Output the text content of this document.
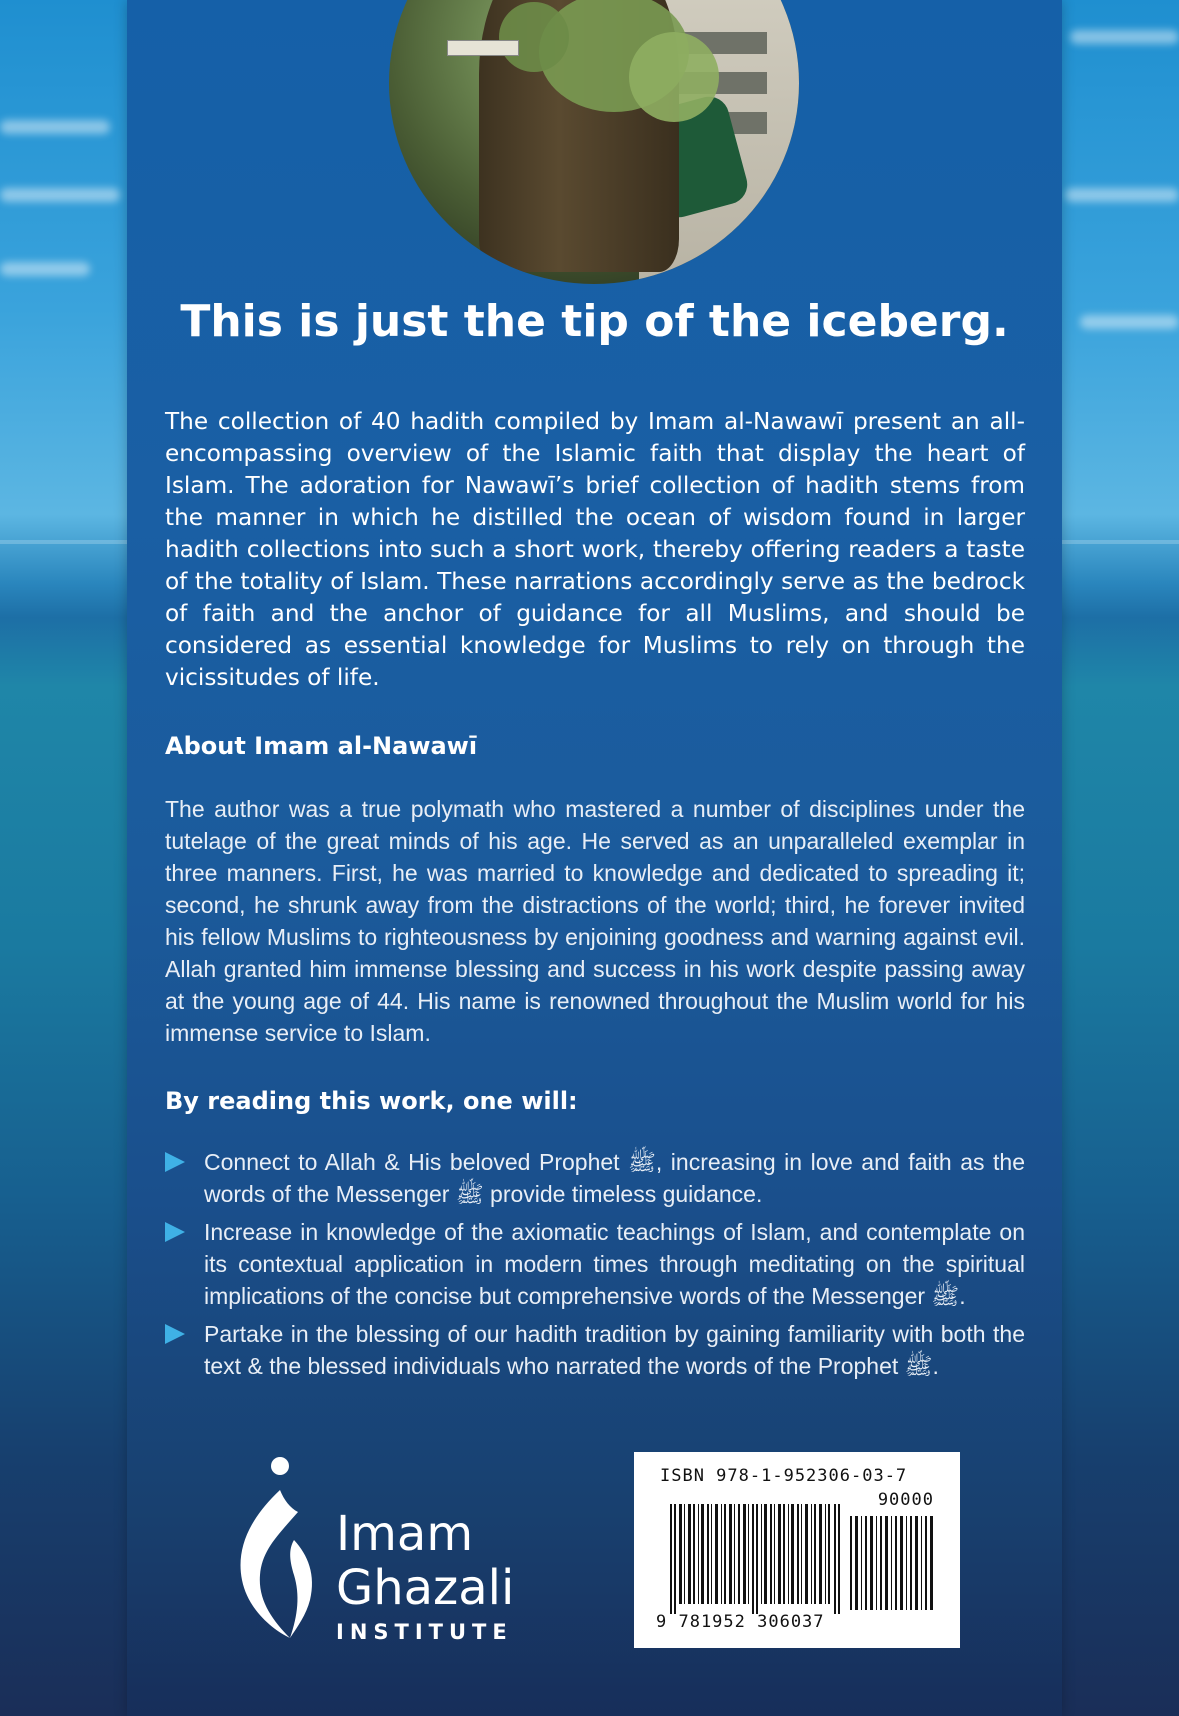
This is just the tip of the iceberg.

The collection of 40 hadith compiled by Imam al-Nawawī present an all-encompassing overview of the Islamic faith that display the heart of Islam. The adoration for Nawawī’s brief collection of hadith stems from the manner in which he distilled the ocean of wisdom found in larger hadith collections into such a short work, thereby offering readers a taste of the totality of Islam. These narrations accordingly serve as the bedrock of faith and the anchor of guidance for all Muslims, and should be considered as essential knowledge for Muslims to rely on through the vicissitudes of life.

About Imam al-Nawawī

The author was a true polymath who mastered a number of disciplines under the tutelage of the great minds of his age. He served as an unparalleled exemplar in three manners. First, he was married to knowledge and dedicated to spreading it; second, he shrunk away from the distractions of the world; third, he forever invited his fellow Muslims to righteousness by enjoining goodness and warning against evil. Allah granted him immense blessing and success in his work despite passing away at the young age of 44. His name is renowned throughout the Muslim world for his immense service to Islam.

By reading this work, one will:
Connect to Allah & His beloved Prophet ﷺ, increasing in love and faith as the words of the Messenger ﷺ provide timeless guidance.
Increase in knowledge of the axiomatic teachings of Islam, and contemplate on its contextual application in modern times through meditating on the spiritual implications of the concise but comprehensive words of the Messenger ﷺ.
Partake in the blessing of our hadith tradition by gaining familiarity with both the text & the blessed individuals who narrated the words of the Prophet ﷺ.
Imam
Ghazali
INSTITUTE
ISBN 978-1-952306-03-7
90000
9 781952 306037
